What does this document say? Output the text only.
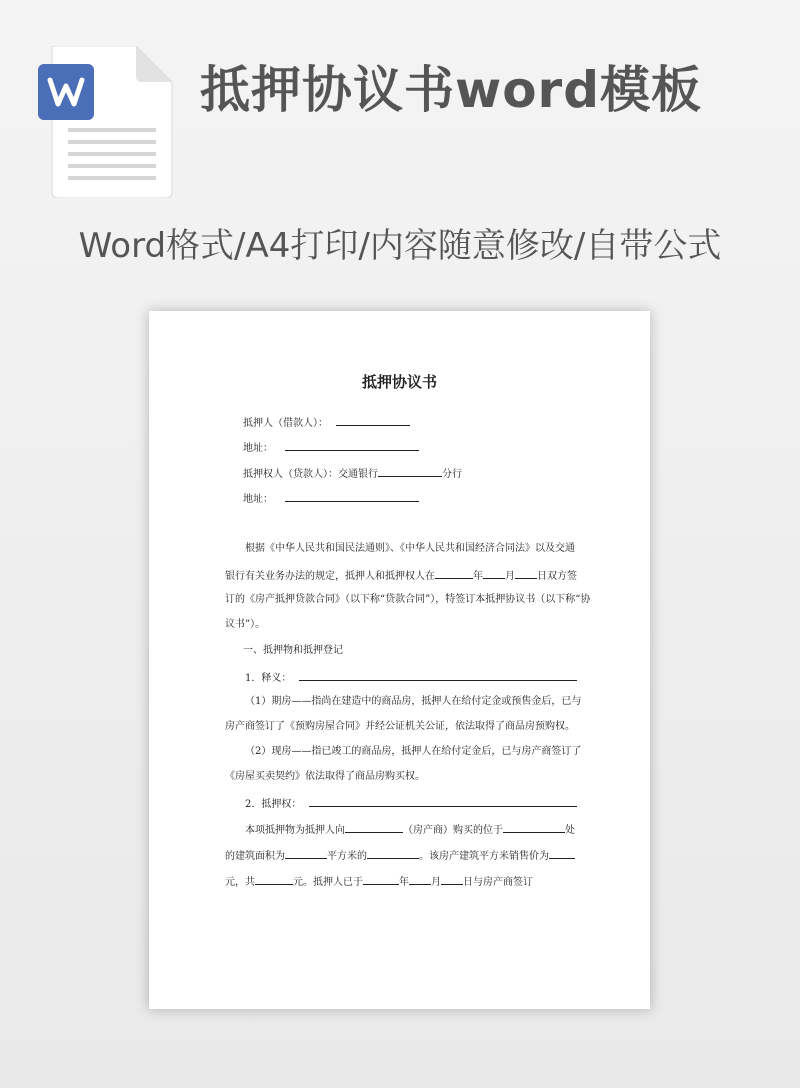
抵押协议书word模板
Word格式/A4打印/内容随意修改/自带公式
抵押协议书
抵押人（借款人）：
地址：
抵押权人（贷款人）：交通银行	分行
地址：
根据《中华人民共和国民法通则》、《中华人民共和国经济合同法》以及交通
银行有关业务办法的规定，抵押人和抵押权人在	年 月 日双方签
订的《房产抵押贷款合同》（以下称“贷款合同”），特签订本抵押协议书（以下称“协
议书”）。
一、抵押物和抵押登记
1．释义：
（1）期房——指尚在建造中的商品房，抵押人在给付定金或预售金后，已与
房产商签订了《预购房屋合同》并经公证机关公证，依法取得了商品房预购权。
（2）现房——指已竣工的商品房，抵押人在给付定金后，已与房产商签订了
《房屋买卖契约》依法取得了商品房购买权。
2．抵押权：
本项抵押物为抵押人向	（房产商）购买的位于	处
的建筑面积为	平方米的	。该房产建筑平方米销售价为
元，共	元。抵押人已于	年 月 日与房产商签订
